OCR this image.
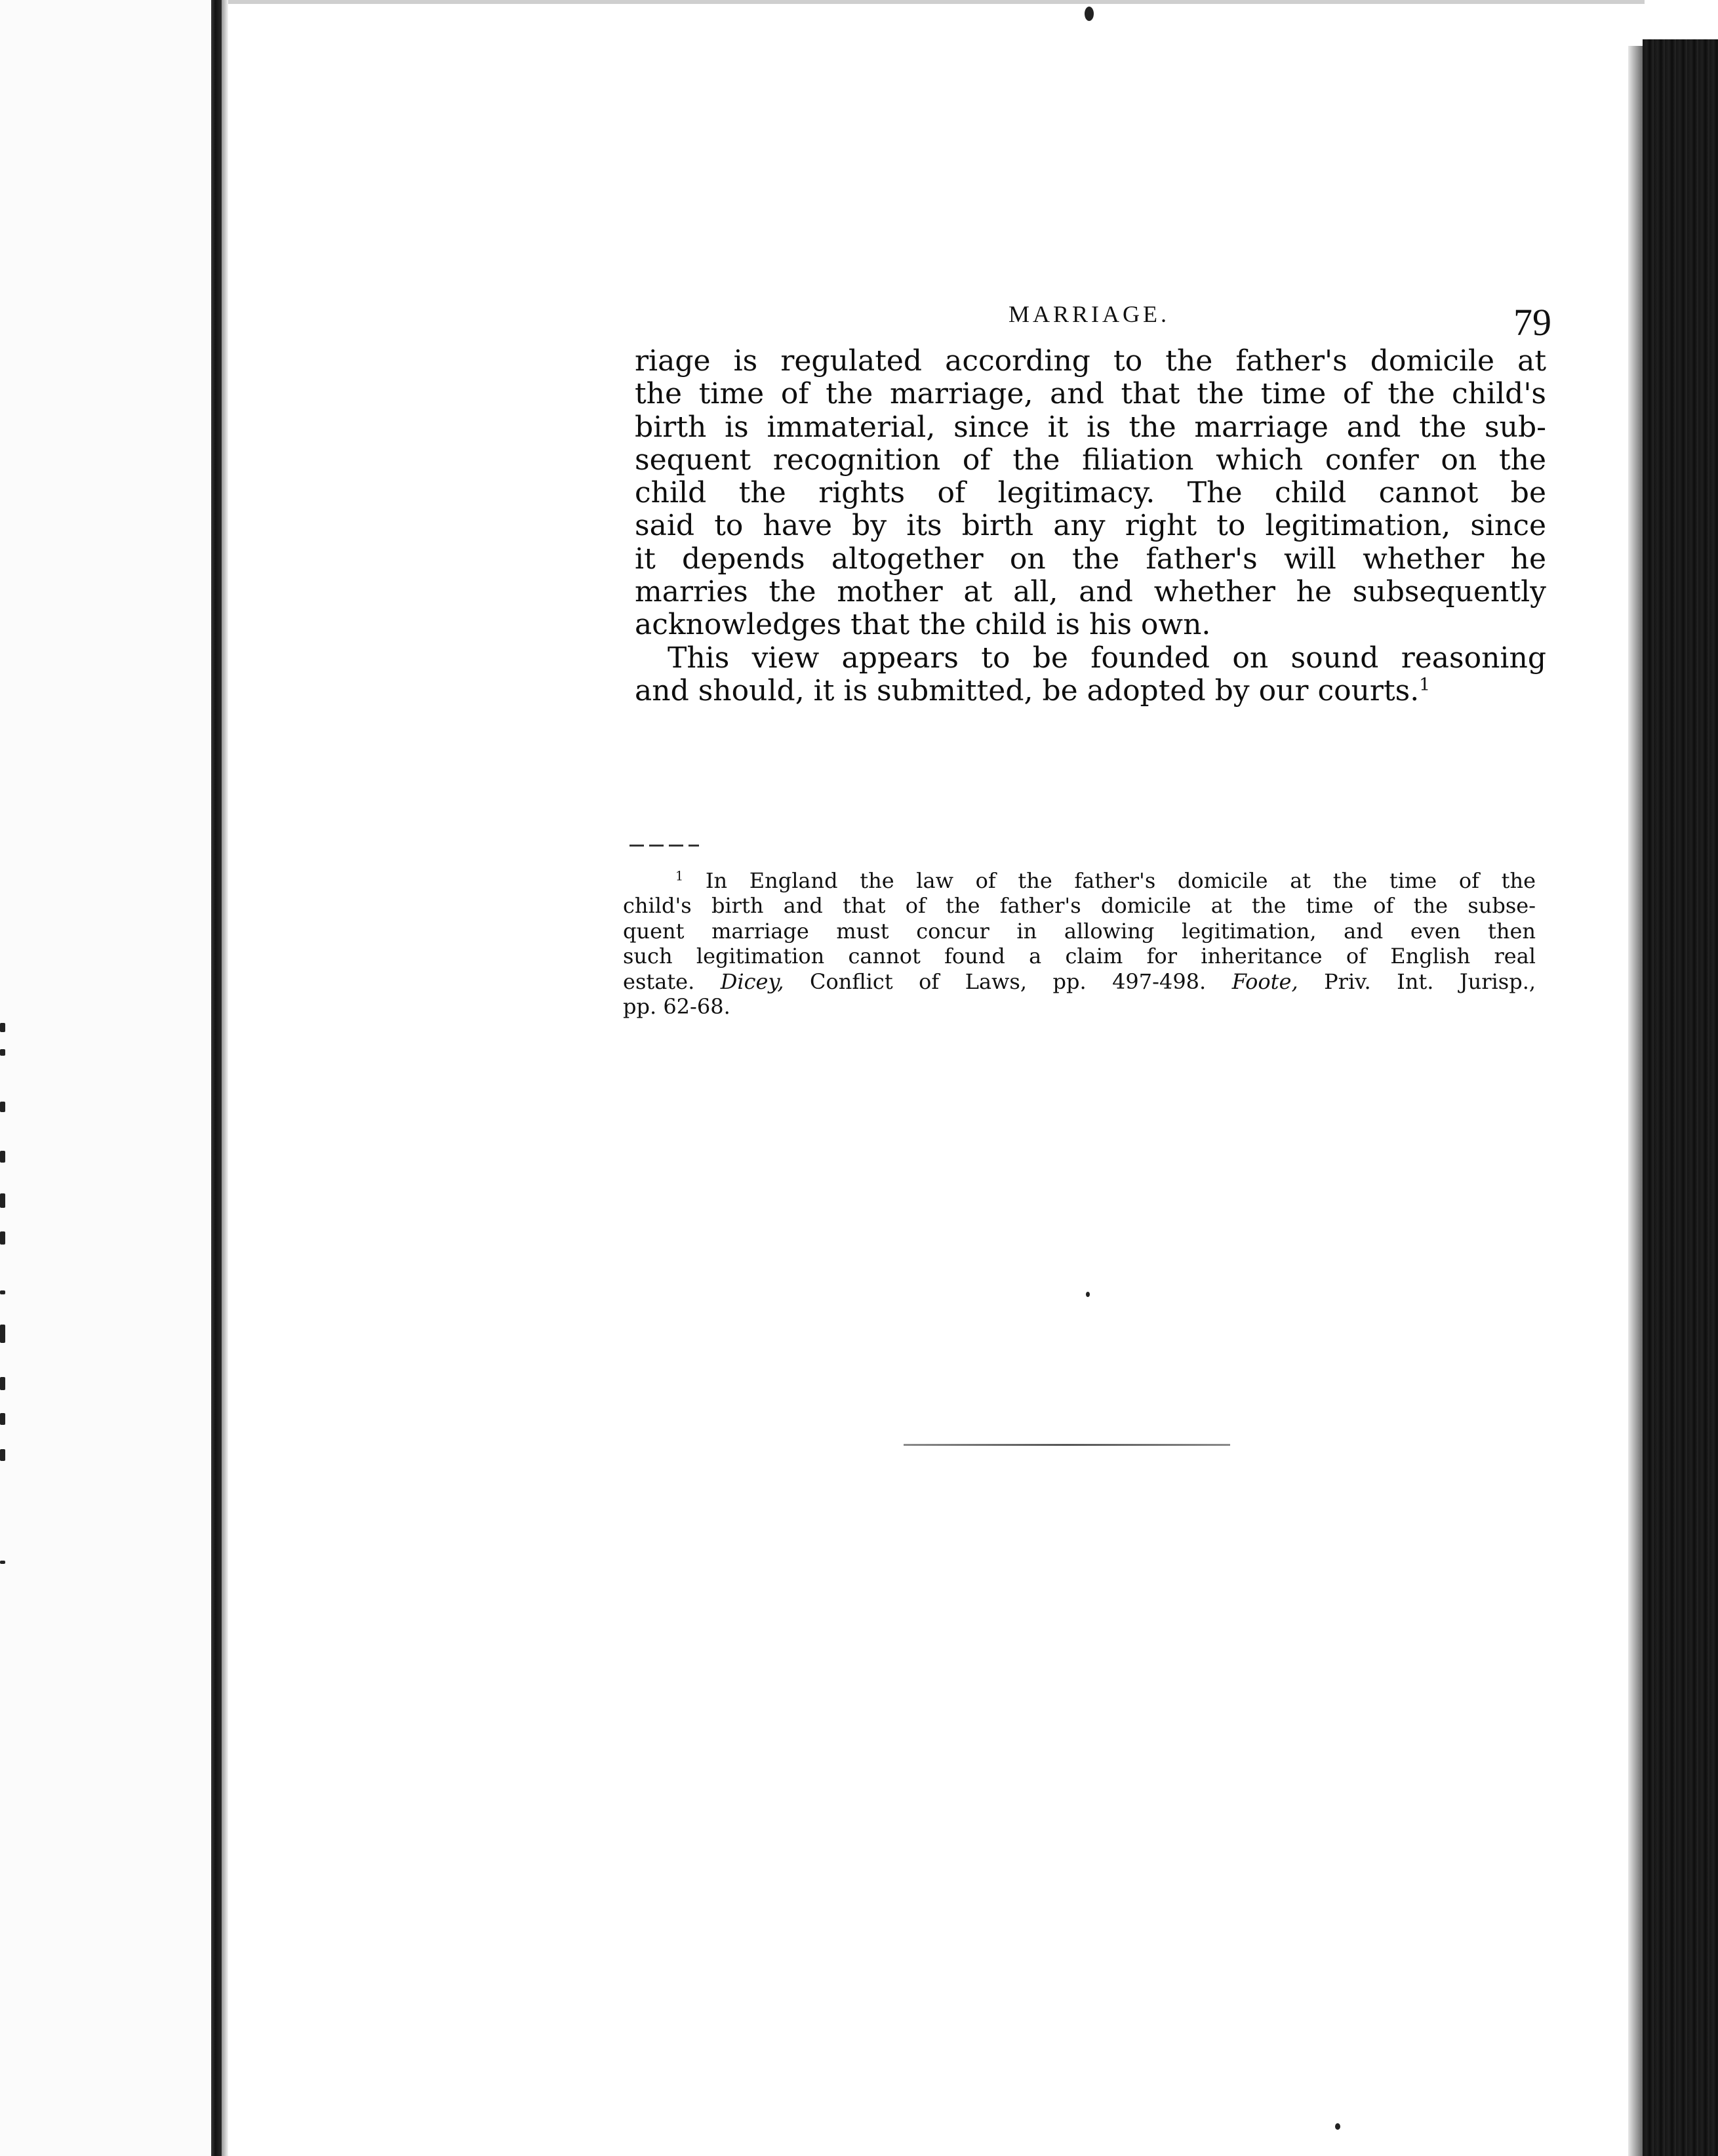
MARRIAGE.	79
riage is regulated according to the father's domicile at
the time of the marriage, and that the time of the child's
birth is immaterial, since it is the marriage and the sub-
sequent recognition of the filiation which confer on the
child the rights of legitimacy. The child cannot be
said to have by its birth any right to legitimation, since
it depends altogether on the father's will whether he
marries the mother at all, and whether he subsequently
acknowledges that the child is his own.
This view appears to be founded on sound reasoning
and should, it is submitted, be adopted by our courts.$^1$
$^1$ In England the law of the father's domicile at the time of the
child's birth and that of the father's domicile at the time of the subse-
quent marriage must concur in allowing legitimation, and even then
such legitimation cannot found a claim for inheritance of English real
estate. Dicey, Conflict of Laws, pp. 497-498. Foote, Priv. Int. Jurisp.,
pp. 62-68.
